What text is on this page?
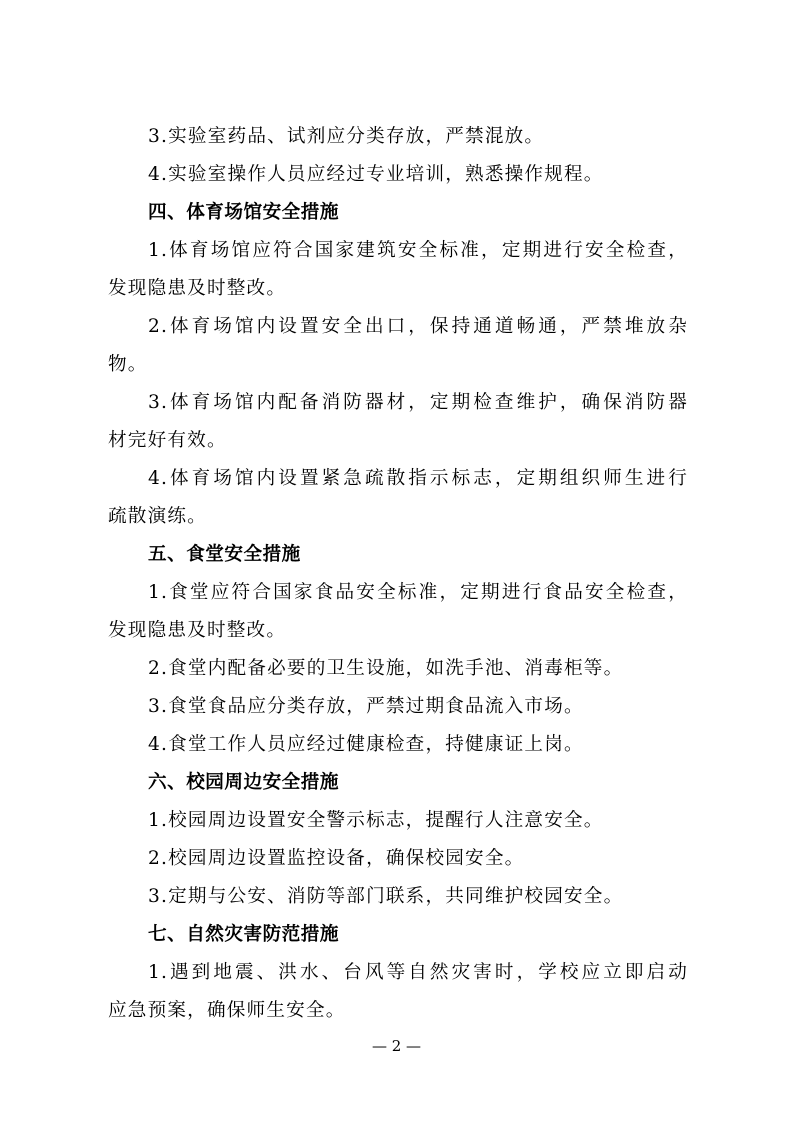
3.实验室药品、试剂应分类存放，严禁混放。
4.实验室操作人员应经过专业培训，熟悉操作规程。
四、体育场馆安全措施
1.体育场馆应符合国家建筑安全标准，定期进行安全检查，
发现隐患及时整改。
2.体育场馆内设置安全出口，保持通道畅通，严禁堆放杂
物。
3.体育场馆内配备消防器材，定期检查维护，确保消防器
材完好有效。
4.体育场馆内设置紧急疏散指示标志，定期组织师生进行
疏散演练。
五、食堂安全措施
1.食堂应符合国家食品安全标准，定期进行食品安全检查，
发现隐患及时整改。
2.食堂内配备必要的卫生设施，如洗手池、消毒柜等。
3.食堂食品应分类存放，严禁过期食品流入市场。
4.食堂工作人员应经过健康检查，持健康证上岗。
六、校园周边安全措施
1.校园周边设置安全警示标志，提醒行人注意安全。
2.校园周边设置监控设备，确保校园安全。
3.定期与公安、消防等部门联系，共同维护校园安全。
七、自然灾害防范措施
1.遇到地震、洪水、台风等自然灾害时，学校应立即启动
应急预案，确保师生安全。
— 2 —
